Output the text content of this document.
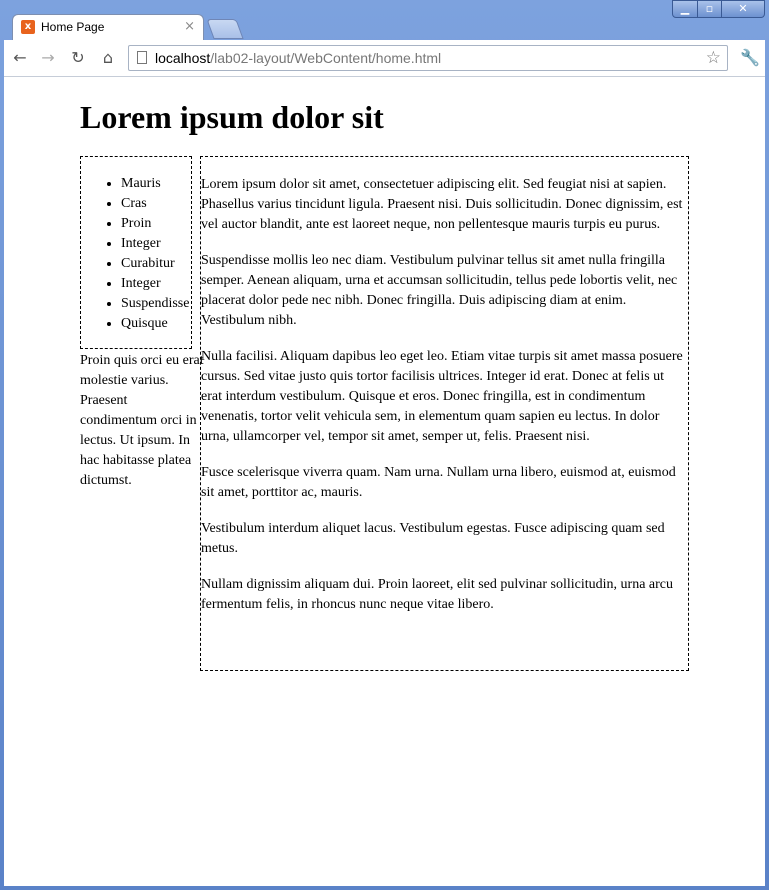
x Home Page	×
▁	▫	✕
← → ↻	⌂	localhost/lab02-layout/WebContent/home.html	☆ 🔧
Lorem ipsum dolor sit
• Mauris
• Cras
• Proin
• Integer
• Curabitur
• Integer
• Suspendisse
• Quisque

Proin quis orci eu erat molestie varius. Praesent condimentum orci in lectus. Ut ipsum. In hac habitasse platea dictumst.

Lorem ipsum dolor sit amet, consectetuer adipiscing elit. Sed feugiat nisi at sapien. Phasellus varius tincidunt ligula. Praesent nisi. Duis sollicitudin. Donec dignissim, est vel auctor blandit, ante est laoreet neque, non pellentesque mauris turpis eu purus.

Suspendisse mollis leo nec diam. Vestibulum pulvinar tellus sit amet nulla fringilla semper. Aenean aliquam, urna et accumsan sollicitudin, tellus pede lobortis velit, nec placerat dolor pede nec nibh. Donec fringilla. Duis adipiscing diam at enim. Vestibulum nibh.

Nulla facilisi. Aliquam dapibus leo eget leo. Etiam vitae turpis sit amet massa posuere cursus. Sed vitae justo quis tortor facilisis ultrices. Integer id erat. Donec at felis ut erat interdum vestibulum. Quisque et eros. Donec fringilla, est in condimentum venenatis, tortor velit vehicula sem, in elementum quam sapien eu lectus. In dolor urna, ullamcorper vel, tempor sit amet, semper ut, felis. Praesent nisi.

Fusce scelerisque viverra quam. Nam urna. Nullam urna libero, euismod at, euismod sit amet, porttitor ac, mauris.

Vestibulum interdum aliquet lacus. Vestibulum egestas. Fusce adipiscing quam sed metus.

Nullam dignissim aliquam dui. Proin laoreet, elit sed pulvinar sollicitudin, urna arcu fermentum felis, in rhoncus nunc neque vitae libero.
